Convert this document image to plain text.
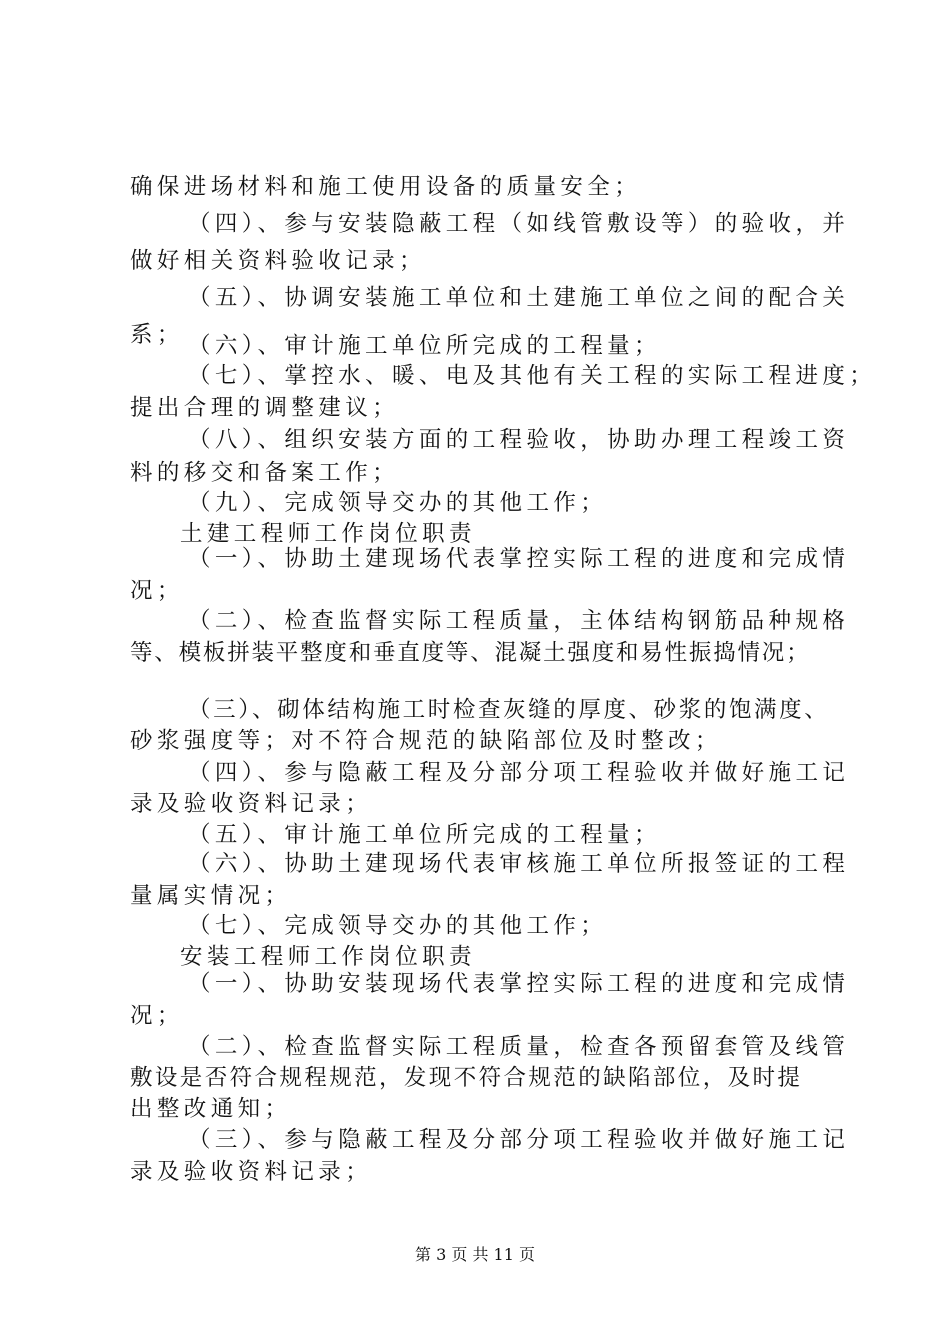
确保进场材料和施工使用设备的质量安全；
（四）、参与安装隐蔽工程（如线管敷设等）的验收，并
做好相关资料验收记录；
（五）、协调安装施工单位和土建施工单位之间的配合关
系； （六）、审计施工单位所完成的工程量；
（七）、掌控水、暖、电及其他有关工程的实际工程进度；
提出合理的调整建议；
（八）、组织安装方面的工程验收，协助办理工程竣工资
料的移交和备案工作；
（九）、完成领导交办的其他工作；
土建工程师工作岗位职责
（一）、协助土建现场代表掌控实际工程的进度和完成情
况；
（二）、检查监督实际工程质量，主体结构钢筋品种规格
等、模板拼装平整度和垂直度等、混凝土强度和易性振捣情况；
（三）、砌体结构施工时检查灰缝的厚度、砂浆的饱满度、
砂浆强度等；对不符合规范的缺陷部位及时整改；
（四）、参与隐蔽工程及分部分项工程验收并做好施工记
录及验收资料记录；
（五）、审计施工单位所完成的工程量；
（六）、协助土建现场代表审核施工单位所报签证的工程
量属实情况；
（七）、完成领导交办的其他工作；
安装工程师工作岗位职责
（一）、协助安装现场代表掌控实际工程的进度和完成情
况；
（二）、检查监督实际工程质量，检查各预留套管及线管
敷设是否符合规程规范，发现不符合规范的缺陷部位，及时提
出整改通知；
（三）、参与隐蔽工程及分部分项工程验收并做好施工记
录及验收资料记录；
第 3 页 共 11 页
